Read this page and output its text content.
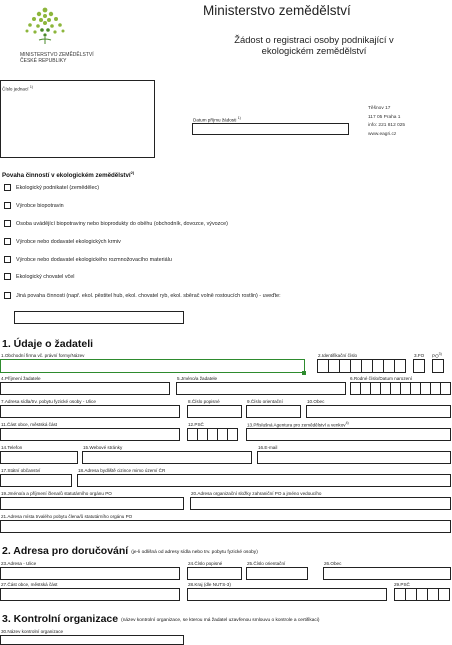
MINISTERSTVO ZEMĚDĚLSTVÍ
ČESKÉ REPUBLIKY
Ministerstvo zemědělství
Žádost o registraci osoby podnikající v
ekologickém zemědělství
Číslo jednací $^{1)}$
Datum příjmu žádosti $^{1)}$
Těšnov 17
117 05 Praha 1
info: 221 812 025
www.eagri.cz
Povaha činností v ekologickém zemědělství$^{2)}$
Ekologický podnikatel (zemědělec)
Výrobce biopotravin
Osoba uvádějící biopotraviny nebo bioprodukty do oběhu (obchodník, dovozce, vývozce)
Výrobce nebo dodavatel ekologických krmiv
Výrobce nebo dodavatel ekologického rozmnožovacího materiálu
Ekologický chovatel včel
Jiná povaha činnosti (např. ekol. pěstitel hub, ekol. chovatel ryb, ekol. sběrač volně rostoucích rostlin) - uveďte:
1. Údaje o žadateli
1.Obchodní firma vč. právní formy/Název	2.Identifikační číslo	3.FO PO$^{3)}$
4.Příjmení žadatele	5.Jméno/a žadatele	6.Rodné číslo/Datum narození
7.Adresa sídla/trv. pobytu fyzické osoby - Ulice	8.Číslo popisné	9.Číslo orientační	10.Obec
11.Část obce, městská část	12.PSČ	13.Příslušná Agentura pro zemědělství a venkov$^{4)}$
14.Telefon	15.Webové stránky	16.E-mail
17.Státní občanství	18.Adresa bydliště cizince mimo území ČR
19.Jméno/a a příjmení člena/ů statutárního orgánu PO	20.Adresa organizační složky zahraniční PO a jméno vedoucího
21.Adresa místa trvalého pobytu člena/ů statutárního orgánu PO
2. Adresa pro doručování (je-li odlišná od adresy sídla nebo trv. pobytu fyzické osoby)
23.Adresa - Ulice	24.Číslo popisné	25.Číslo orientační	26.Obec
27.Část obce, městská část	28.Kraj (dle NUTS-3)	29.PSČ
3. Kontrolní organizace (název kontrolní organizace, se kterou má žadatel uzavřenou smlouvu o kontrole a certifikaci)
30.Název kontrolní organizace
